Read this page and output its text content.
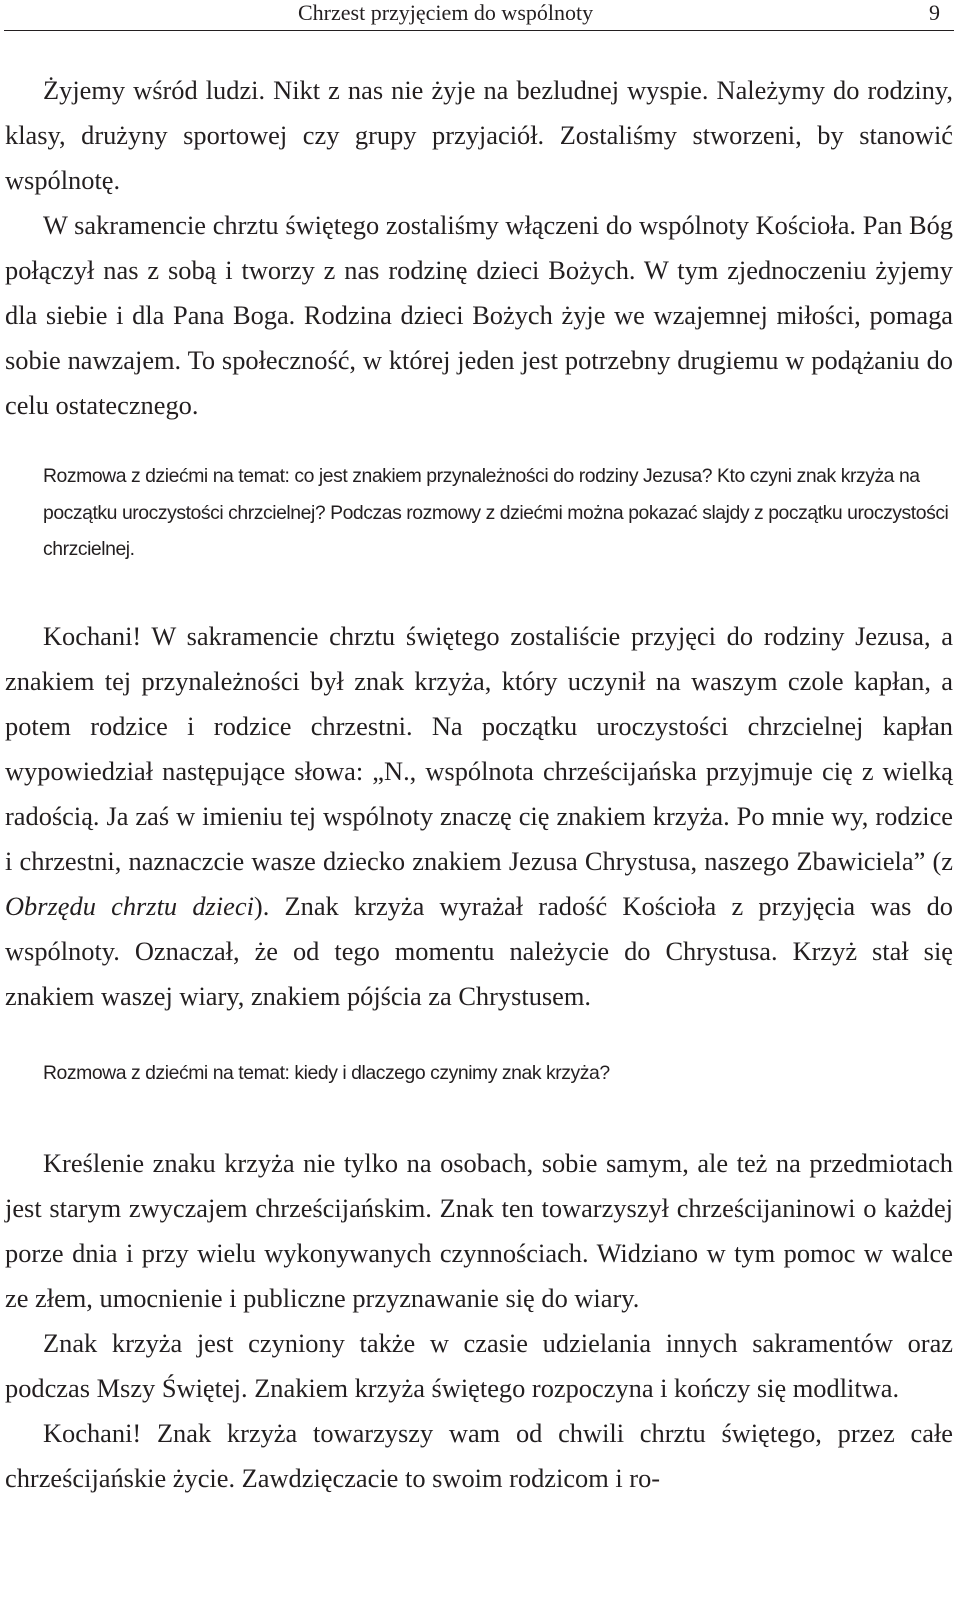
Chrzest przyjęciem do wspólnoty	9

Żyjemy wśród ludzi. Nikt z nas nie żyje na bezludnej wyspie. Należymy do rodziny, klasy, drużyny sportowej czy grupy przyjaciół. Zostaliśmy stworzeni, by stanowić wspólnotę.

W sakramencie chrztu świętego zostaliśmy włączeni do wspólnoty Kościoła. Pan Bóg połączył nas z sobą i tworzy z nas rodzinę dzieci Bożych. W tym zjednoczeniu żyjemy dla siebie i dla Pana Boga. Rodzina dzieci Bożych żyje we wzajemnej miłości, pomaga sobie nawzajem. To społeczność, w której jeden jest potrzebny drugiemu w podążaniu do celu ostatecznego.

Rozmowa z dziećmi na temat: co jest znakiem przynależności do rodziny Jezusa? Kto czyni znak krzyża na początku uroczystości chrzcielnej? Podczas rozmowy z dziećmi można pokazać slajdy z początku uroczystości chrzcielnej.

Kochani! W sakramencie chrztu świętego zostaliście przyjęci do rodziny Jezusa, a znakiem tej przynależności był znak krzyża, który uczynił na waszym czole kapłan, a potem rodzice i rodzice chrzestni. Na początku uroczystości chrzcielnej kapłan wypowiedział następujące słowa: „N., wspólnota chrześcijańska przyjmuje cię z wielką radością. Ja zaś w imieniu tej wspólnoty znaczę cię znakiem krzyża. Po mnie wy, rodzice i chrzestni, naznaczcie wasze dziecko znakiem Jezusa Chrystusa, naszego Zbawiciela” (z Obrzędu chrztu dzieci). Znak krzyża wyrażał radość Kościoła z przyjęcia was do wspólnoty. Oznaczał, że od tego momentu należycie do Chrystusa. Krzyż stał się znakiem waszej wiary, znakiem pójścia za Chrystusem.

Rozmowa z dziećmi na temat: kiedy i dlaczego czynimy znak krzyża?

Kreślenie znaku krzyża nie tylko na osobach, sobie samym, ale też na przedmiotach jest starym zwyczajem chrześcijańskim. Znak ten towarzyszył chrześcijaninowi o każdej porze dnia i przy wielu wykonywanych czynnościach. Widziano w tym pomoc w walce ze złem, umocnienie i publiczne przyznawanie się do wiary.

Znak krzyża jest czyniony także w czasie udzielania innych sakramentów oraz podczas Mszy Świętej. Znakiem krzyża świętego rozpoczyna i kończy się modlitwa.

Kochani! Znak krzyża towarzyszy wam od chwili chrztu świętego, przez całe chrześcijańskie życie. Zawdzięczacie to swoim rodzicom i ro-
